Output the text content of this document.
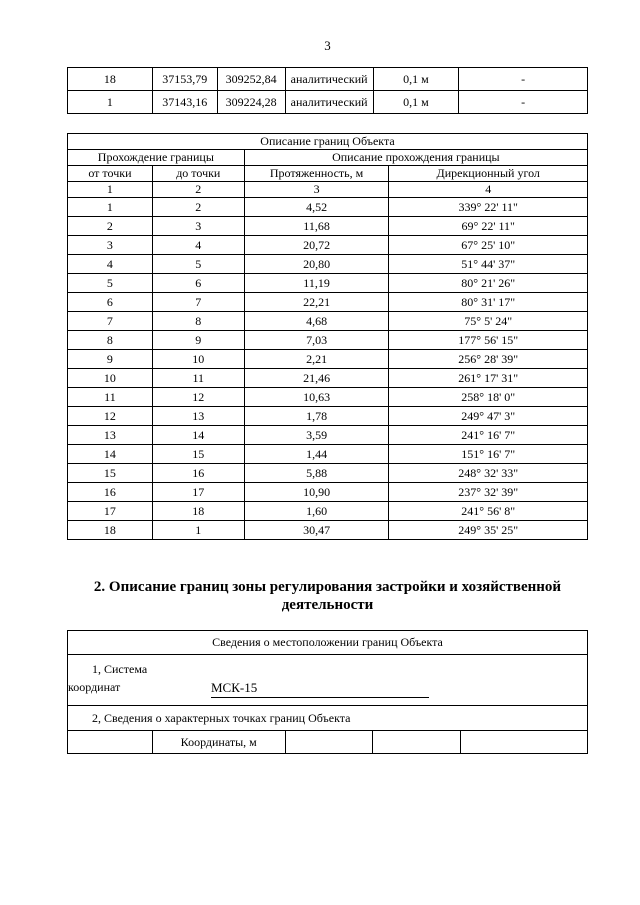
3
18	37153,79	309252,84	аналитический	0,1 м	-
1	37143,16	309224,28	аналитический	0,1 м	-
Описание границ Объекта			
Прохождение границы		Описание прохождения границы	
от точки	до точки	Протяженность, м	Дирекционный угол
1	2	3	4
1	2	4,52	339° 22' 11"
2	3	11,68	69° 22' 11"
3	4	20,72	67° 25' 10"
4	5	20,80	51° 44' 37"
5	6	11,19	80° 21' 26"
6	7	22,21	80° 31' 17"
7	8	4,68	75° 5' 24"
8	9	7,03	177° 56' 15"
9	10	2,21	256° 28' 39"
10	11	21,46	261° 17' 31"
11	12	10,63	258° 18' 0"
12	13	1,78	249° 47' 3"
13	14	3,59	241° 16' 7"
14	15	1,44	151° 16' 7"
15	16	5,88	248° 32' 33"
16	17	10,90	237° 32' 39"
17	18	1,60	241° 56' 8"
18	1	30,47	249° 35' 25"
2. Описание границ зоны регулирования застройки и хозяйственной
деятельности
Сведения о местоположении границ Объекта

1, Система
координат	МСК-15

2, Сведения о характерных точках границ Объекта
	Координаты, м			
